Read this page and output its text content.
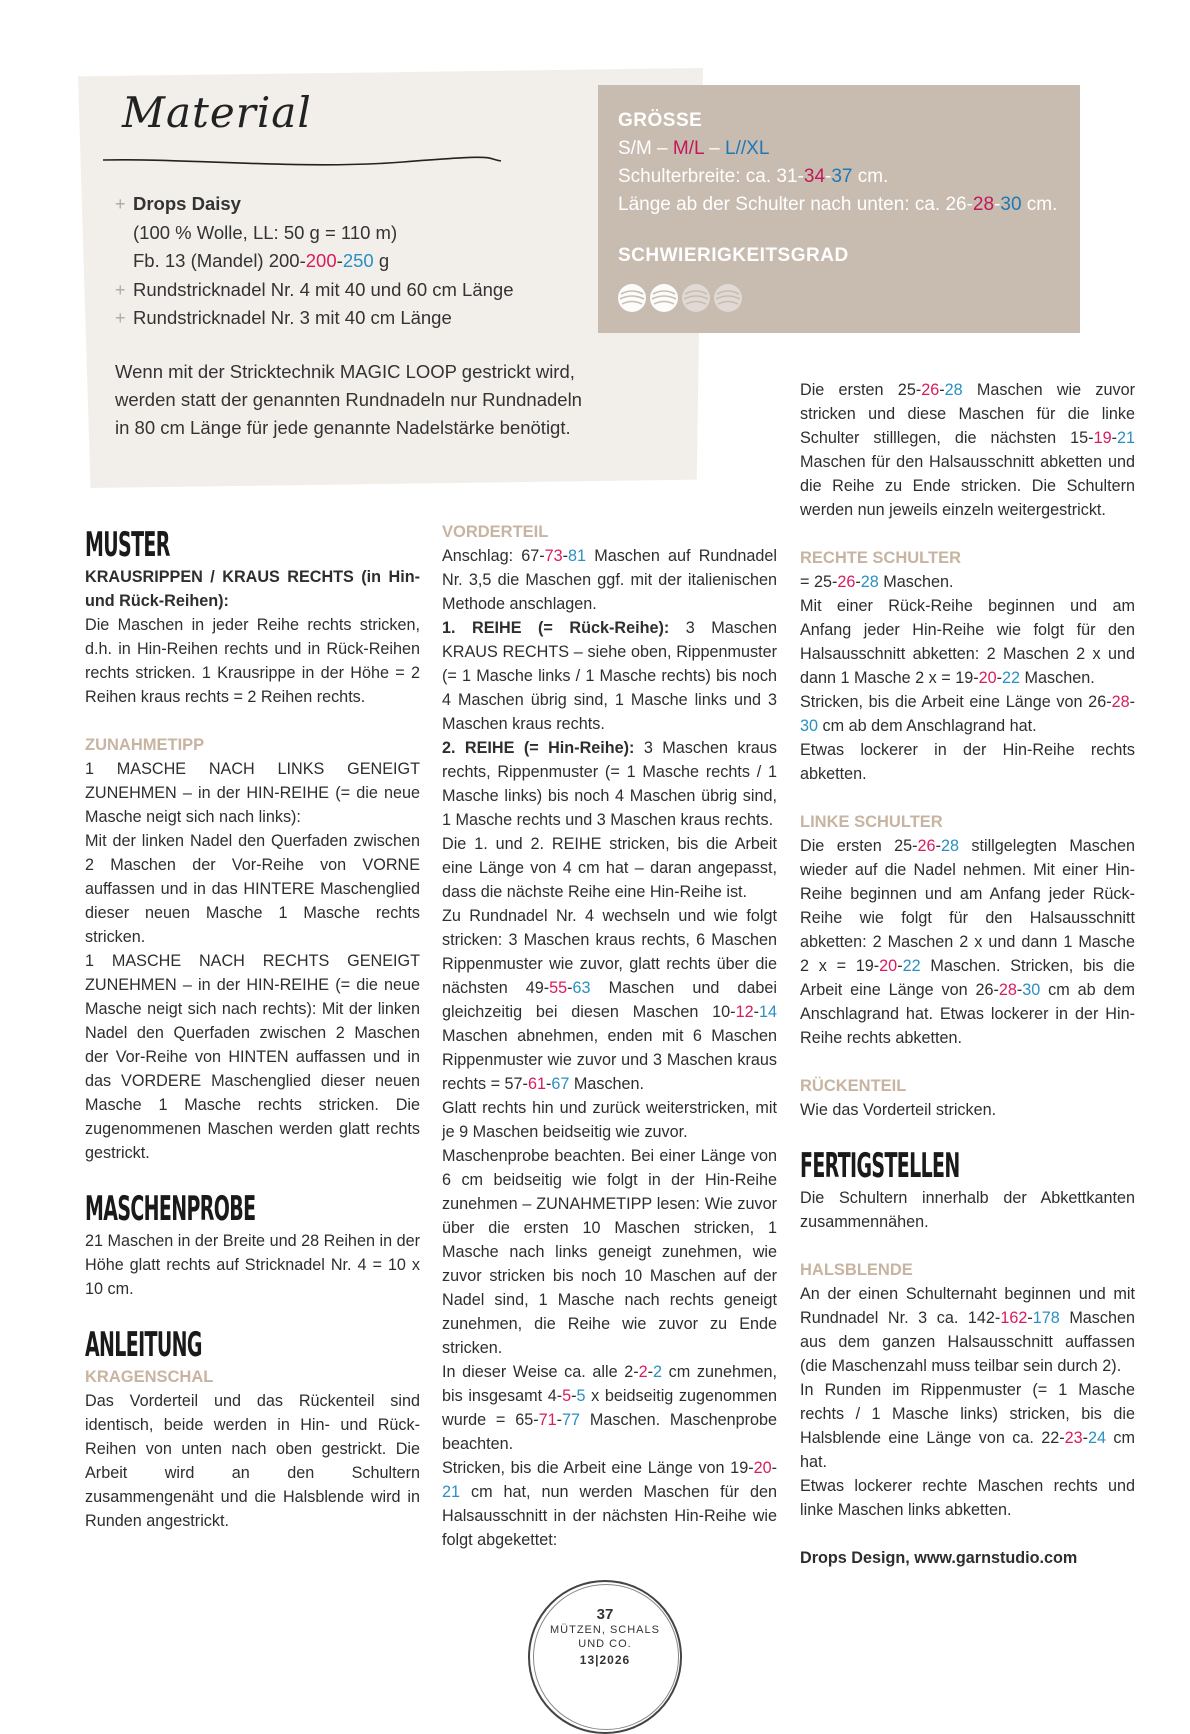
Material
+ Drops Daisy
(100 % Wolle, LL: 50 g = 110 m)
Fb. 13 (Mandel) 200-200-250 g
+ Rundstricknadel Nr. 4 mit 40 und 60 cm Länge
+ Rundstricknadel Nr. 3 mit 40 cm Länge
Wenn mit der Stricktechnik MAGIC LOOP gestrickt wird, werden statt der genannten Rundnadeln nur Rundnadeln in 80 cm Länge für jede genannte Nadelstärke benötigt.
GRÖSSE
S/M – M/L – L//XL
Schulterbreite: ca. 31-34-37 cm.
Länge ab der Schulter nach unten: ca. 26-28-30 cm.
SCHWIERIGKEITSGRAD
MUSTER

KRAUSRIPPEN / KRAUS RECHTS (in Hin- und Rück-Reihen):

Die Maschen in jeder Reihe rechts stricken, d.h. in Hin-Reihen rechts und in Rück-Reihen rechts stricken. 1 Krausrippe in der Höhe = 2 Reihen kraus rechts = 2 Reihen rechts.

ZUNAHMETIPP

1 MASCHE NACH LINKS GENEIGT ZUNEHMEN – in der HIN-REIHE (= die neue Masche neigt sich nach links):

Mit der linken Nadel den Querfaden zwischen 2 Maschen der Vor-Reihe von VORNE auffassen und in das HINTERE Maschenglied dieser neuen Masche 1 Masche rechts stricken.

1 MASCHE NACH RECHTS GENEIGT ZUNEHMEN – in der HIN-REIHE (= die neue Masche neigt sich nach rechts): Mit der linken Nadel den Querfaden zwischen 2 Maschen der Vor-Reihe von HINTEN auffassen und in das VORDERE Maschenglied dieser neuen Masche 1 Masche rechts stricken. Die zugenommenen Maschen werden glatt rechts gestrickt.

MASCHENPROBE

21 Maschen in der Breite und 28 Reihen in der Höhe glatt rechts auf Stricknadel Nr. 4 = 10 x 10 cm.

ANLEITUNG

KRAGENSCHAL

Das Vorderteil und das Rückenteil sind identisch, beide werden in Hin- und Rück-Reihen von unten nach oben gestrickt. Die Arbeit wird an den Schultern zusammengenäht und die Halsblende wird in Runden angestrickt.

VORDERTEIL

Anschlag: 67-73-81 Maschen auf Rundnadel Nr. 3,5 die Maschen ggf. mit der italienischen Methode anschlagen.

1. REIHE (= Rück-Reihe): 3 Maschen KRAUS RECHTS – siehe oben, Rippenmuster (= 1 Masche links / 1 Masche rechts) bis noch 4 Maschen übrig sind, 1 Masche links und 3 Maschen kraus rechts.

2. REIHE (= Hin-Reihe): 3 Maschen kraus rechts, Rippenmuster (= 1 Masche rechts / 1 Masche links) bis noch 4 Maschen übrig sind, 1 Masche rechts und 3 Maschen kraus rechts.

Die 1. und 2. REIHE stricken, bis die Arbeit eine Länge von 4 cm hat – daran angepasst, dass die nächste Reihe eine Hin-Reihe ist.

Zu Rundnadel Nr. 4 wechseln und wie folgt stricken: 3 Maschen kraus rechts, 6 Maschen Rippenmuster wie zuvor, glatt rechts über die nächsten 49-55-63 Maschen und dabei gleichzeitig bei diesen Maschen 10-12-14 Maschen abnehmen, enden mit 6 Maschen Rippenmuster wie zuvor und 3 Maschen kraus rechts = 57-61-67 Maschen.

Glatt rechts hin und zurück weiterstricken, mit je 9 Maschen beidseitig wie zuvor.

Maschenprobe beachten. Bei einer Länge von 6 cm beidseitig wie folgt in der Hin-Reihe zunehmen – ZUNAHMETIPP lesen: Wie zuvor über die ersten 10 Maschen stricken, 1 Masche nach links geneigt zunehmen, wie zuvor stricken bis noch 10 Maschen auf der Nadel sind, 1 Masche nach rechts geneigt zunehmen, die Reihe wie zuvor zu Ende stricken.

In dieser Weise ca. alle 2-2-2 cm zunehmen, bis insgesamt 4-5-5 x beidseitig zugenommen wurde = 65-71-77 Maschen. Maschenprobe beachten.

Stricken, bis die Arbeit eine Länge von 19-20-21 cm hat, nun werden Maschen für den Halsausschnitt in der nächsten Hin-Reihe wie folgt abgekettet:

Die ersten 25-26-28 Maschen wie zuvor stricken und diese Maschen für die linke Schulter stilllegen, die nächsten 15-19-21 Maschen für den Halsausschnitt abketten und die Reihe zu Ende stricken. Die Schultern werden nun jeweils einzeln weitergestrickt.

RECHTE SCHULTER

= 25-26-28 Maschen.

Mit einer Rück-Reihe beginnen und am Anfang jeder Hin-Reihe wie folgt für den Halsausschnitt abketten: 2 Maschen 2 x und dann 1 Masche 2 x = 19-20-22 Maschen.

Stricken, bis die Arbeit eine Länge von 26-28-30 cm ab dem Anschlagrand hat.

Etwas lockerer in der Hin-Reihe rechts abketten.

LINKE SCHULTER

Die ersten 25-26-28 stillgelegten Maschen wieder auf die Nadel nehmen. Mit einer Hin-Reihe beginnen und am Anfang jeder Rück-Reihe wie folgt für den Halsausschnitt abketten: 2 Maschen 2 x und dann 1 Masche 2 x = 19-20-22 Maschen. Stricken, bis die Arbeit eine Länge von 26-28-30 cm ab dem Anschlagrand hat. Etwas lockerer in der Hin-Reihe rechts abketten.

RÜCKENTEIL

Wie das Vorderteil stricken.

FERTIGSTELLEN

Die Schultern innerhalb der Abkettkanten zusammennähen.

HALSBLENDE

An der einen Schulternaht beginnen und mit Rundnadel Nr. 3 ca. 142-162-178 Maschen aus dem ganzen Halsausschnitt auffassen (die Maschenzahl muss teilbar sein durch 2).

In Runden im Rippenmuster (= 1 Masche rechts / 1 Masche links) stricken, bis die Halsblende eine Länge von ca. 22-23-24 cm hat.

Etwas lockerer rechte Maschen rechts und linke Maschen links abketten.

Drops Design, www.garnstudio.com

37
MÜTZEN, SCHALS
UND CO.
13|2026
